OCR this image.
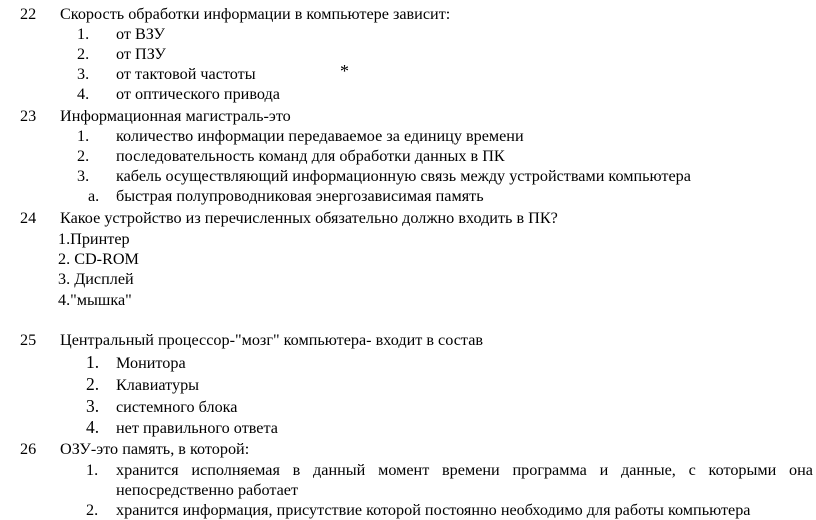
22 Скорость обработки информации в компьютере зависит:
1. от ВЗУ
2. от ПЗУ
3. от тактовой частоты	*
4. от оптического привода
23 Информационная магистраль-это
1. количество информации передаваемое за единицу времени
2. последовательность команд для обработки данных в ПК
3. кабель осуществляющий информационную связь между устройствами компьютера
a. быстрая полупроводниковая энергозависимая память
24 Какое устройство из перечисленных обязательно должно входить в ПК?
1.Принтер
2. CD-ROM
3. Дисплей
4."мышка"
25 Центральный процессор-"мозг" компьютера- входит в состав
1. Монитора
2. Клавиатуры
3. системного блока
4. нет правильного ответа
26 ОЗУ-это память, в которой:
1. хранится исполняемая в данный момент времени программа и данные, с которыми она
непосредственно работает
2. хранится информация, присутствие которой постоянно необходимо для работы компьютера
